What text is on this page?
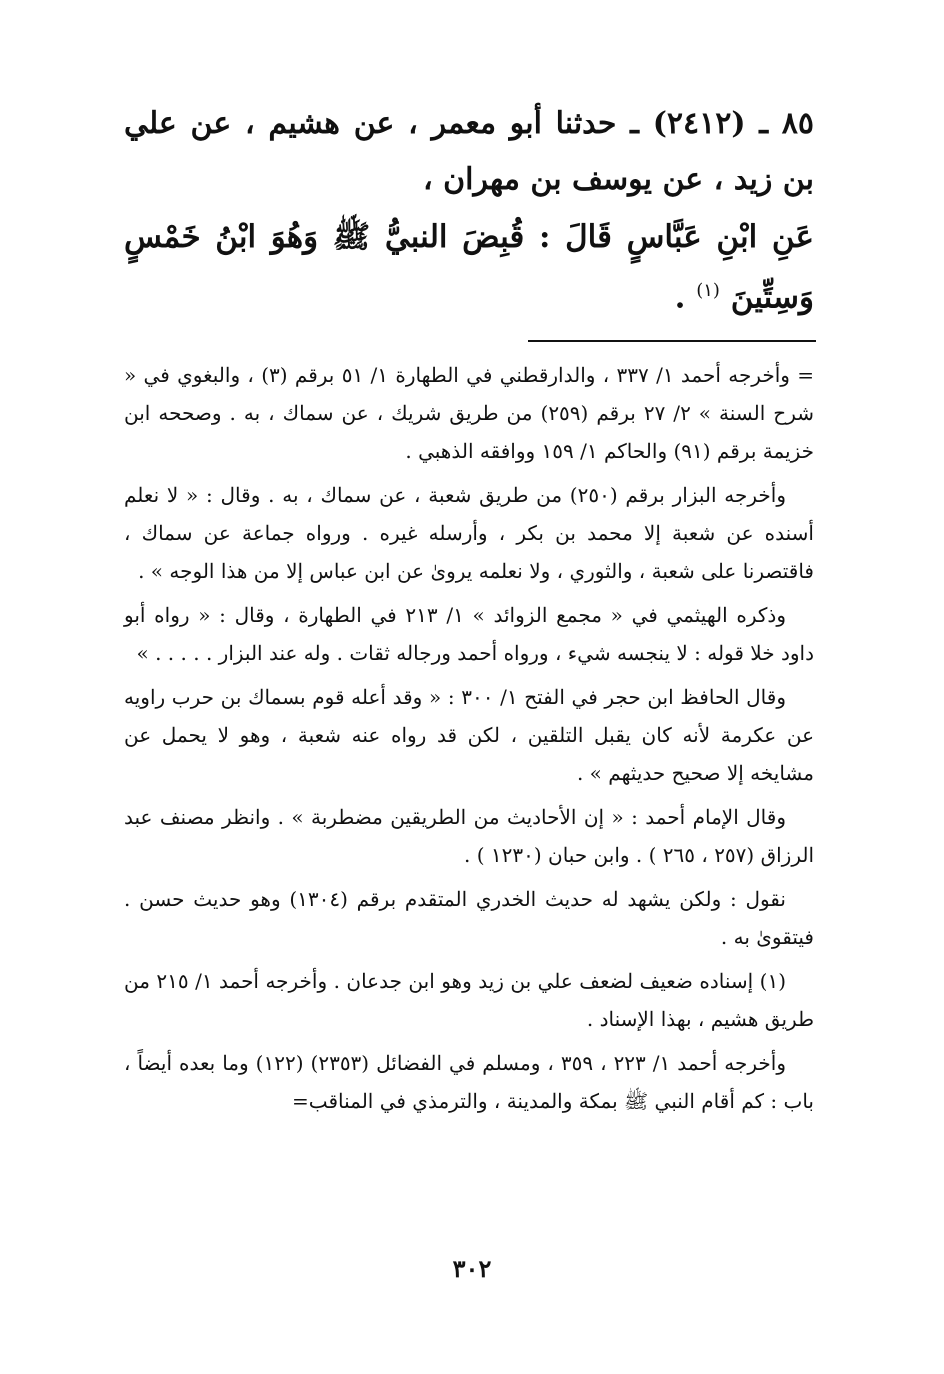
٨٥ ـ (٢٤١٢) ـ حدثنا أبو معمر ، عن هشيم ، عن علي بن زيد ، عن يوسف بن مهران ،
عَنِ ابْنِ عَبَّاسٍ قَالَ : قُبِضَ النبيُّ ﷺ وَهُوَ ابْنُ خَمْسٍ وَسِتِّينَ $^{(١)}$ .

= وأخرجه أحمد ١/ ٣٣٧ ، والدارقطني في الطهارة ١/ ٥١ برقم (٣) ، والبغوي في « شرح السنة » ٢/ ٢٧ برقم (٢٥٩) من طريق شريك ، عن سماك ، به . وصححه ابن خزيمة برقم (٩١) والحاكم ١/ ١٥٩ ووافقه الذهبي .

وأخرجه البزار برقم (٢٥٠) من طريق شعبة ، عن سماك ، به . وقال : « لا نعلم أسنده عن شعبة إلا محمد بن بكر ، وأرسله غيره . ورواه جماعة عن سماك ، فاقتصرنا على شعبة ، والثوري ، ولا نعلمه يروىٰ عن ابن عباس إلا من هذا الوجه » .

وذكره الهيثمي في « مجمع الزوائد » ١/ ٢١٣ في الطهارة ، وقال : « رواه أبو داود خلا قوله : لا ينجسه شيء ، ورواه أحمد ورجاله ثقات . وله عند البزار . . . . . »

وقال الحافظ ابن حجر في الفتح ١/ ٣٠٠ : « وقد أعله قوم بسماك بن حرب راويه عن عكرمة لأنه كان يقبل التلقين ، لكن قد رواه عنه شعبة ، وهو لا يحمل عن مشايخه إلا صحيح حديثهم » .

وقال الإمام أحمد : « إن الأحاديث من الطريقين مضطربة » . وانظر مصنف عبد الرزاق (٢٥٧ ، ٢٦٥ ) . وابن حبان (١٢٣٠ ) .

نقول : ولكن يشهد له حديث الخدري المتقدم برقم (١٣٠٤) وهو حديث حسن . فيتقوىٰ به .

(١) إسناده ضعيف لضعف علي بن زيد وهو ابن جدعان . وأخرجه أحمد ١/ ٢١٥ من طريق هشيم ، بهذا الإسناد .

وأخرجه أحمد ١/ ٢٢٣ ، ٣٥٩ ، ومسلم في الفضائل (٢٣٥٣) (١٢٢) وما بعده أيضاً ، باب : كم أقام النبي ﷺ بمكة والمدينة ، والترمذي في المناقب=

٣٠٢
